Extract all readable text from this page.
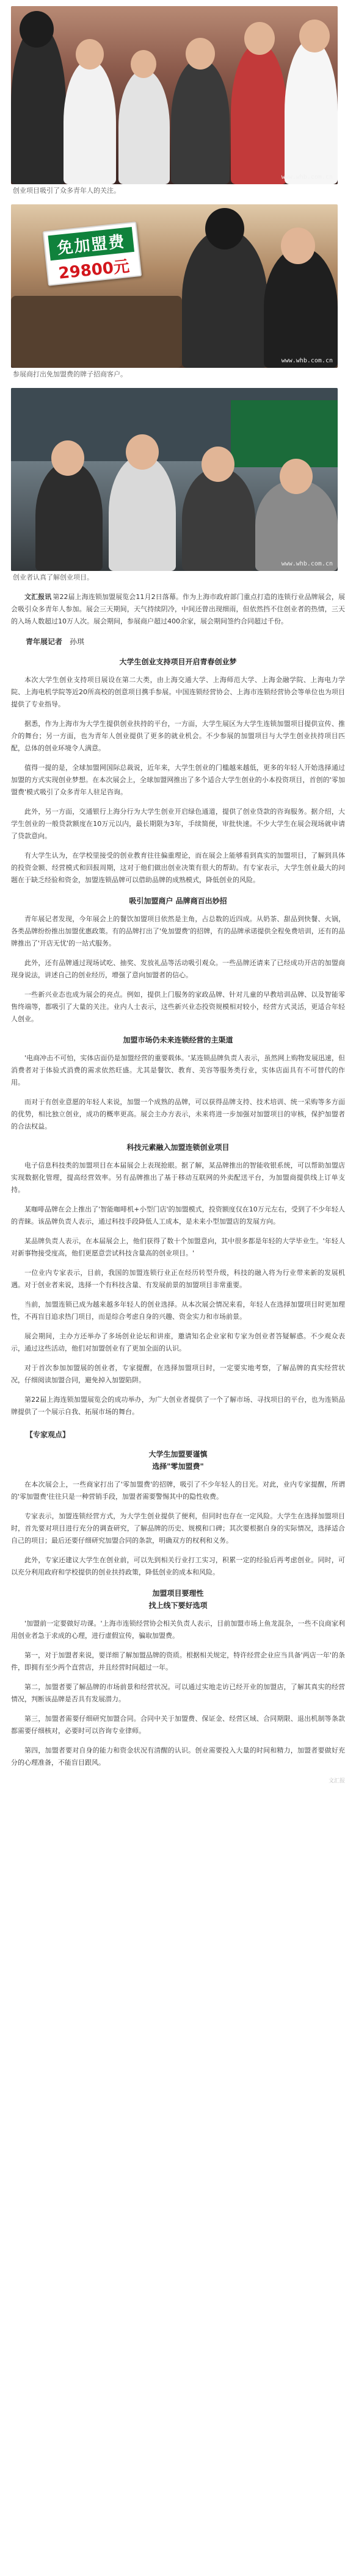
www.whb.com.cn
创业项目吸引了众多青年人的关注。
免加盟费
29800元
www.whb.com.cn
参展商打出免加盟费的牌子招商客户。
www.whb.com.cn
创业者认真了解创业项目。

文汇报讯 第22届上海连锁加盟展览会11月2日落幕。作为上海市政府部门重点打造的连锁行业品牌展会，展会吸引众多青年人参加。展会三天期间，天气持续阴冷，中间还曾出现细雨，但依然挡不住创业者的热情，三天的入场人数超过10万人次。展会期间，参展商户超过400余家，展会期间签约合同超过千份。

青年展记者 孙琪
大学生创业支持项目开启青春创业梦

本次大学生创业支持项目展设在第二大类，由上海交通大学、上海师范大学、上海金融学院、上海电力学院、上海电机学院等近20所高校的创意项目携手参展。中国连锁经营协会、上海市连锁经营协会等单位也为项目提供了专业指导。

据悉，作为上海市为大学生提供创业扶持的平台，一方面，大学生展区为大学生连锁加盟项目提供宣传、推介的舞台；另一方面，也为青年人创业提供了更多的就业机会。不少参展的加盟项目与大学生创业扶持项目匹配，总体的创业环境令人满意。

值得一提的是，全球加盟网国际总裁说，近年来，大学生创业的门槛越来越低，更多的年轻人开始选择通过加盟的方式实现创业梦想。在本次展会上，全球加盟网推出了多个适合大学生创业的小本投资项目，首创的'零加盟费'模式吸引了众多青年人驻足咨询。

此外，另一方面，交通银行上海分行为大学生创业开启绿色通道，提供了创业贷款的咨询服务。据介绍，大学生创业的一般贷款额度在10万元以内，最长期限为3年，手续简便，审批快速。不少大学生在展会现场就申请了贷款意向。

有大学生认为，在学校里接受的创业教育往往偏重理论，而在展会上能够看到真实的加盟项目，了解到具体的投资金额、经营模式和回报周期，这对于他们做出创业决策有很大的帮助。有专家表示，大学生创业最大的问题在于缺乏经验和资金，加盟连锁品牌可以借助品牌的成熟模式，降低创业的风险。

吸引加盟商户 品牌商百出妙招

青年展记者发现，今年展会上的餐饮加盟项目依然是主角，占总数的近四成。从奶茶、甜品到快餐、火锅，各类品牌纷纷推出加盟优惠政策。有的品牌打出了'免加盟费'的招牌，有的品牌承诺提供全程免费培训，还有的品牌推出了'开店无忧'的一站式服务。

此外，还有品牌通过现场试吃、抽奖、发放礼品等活动吸引观众。一些品牌还请来了已经成功开店的加盟商现身说法，讲述自己的创业经历，增强了意向加盟者的信心。

一些新兴业态也成为展会的亮点。例如，提供上门服务的家政品牌、针对儿童的早教培训品牌、以及智能零售终端等，都吸引了大量的关注。业内人士表示，这些新兴业态投资规模相对较小，经营方式灵活，更适合年轻人创业。

加盟市场仍未来连锁经营的主渠道

'电商冲击不可怕，实体店面仍是加盟经营的重要载体。'某连锁品牌负责人表示，虽然网上购物发展迅速，但消费者对于体验式消费的需求依然旺盛。尤其是餐饮、教育、美容等服务类行业，实体店面具有不可替代的作用。

而对于有创业意愿的年轻人来说，加盟一个成熟的品牌，可以获得品牌支持、技术培训、统一采购等多方面的优势，相比独立创业，成功的概率更高。展会主办方表示，未来将进一步加强对加盟项目的审核，保护加盟者的合法权益。

科技元素融入加盟连锁创业项目

电子信息科技类的加盟项目在本届展会上表现抢眼。据了解，某品牌推出的智能收银系统，可以帮助加盟店实现数据化管理，提高经营效率。另有品牌推出了基于移动互联网的外卖配送平台，为加盟商提供线上订单支持。

某咖啡品牌在会上推出了'智能咖啡机+小型门店'的加盟模式，投资额度仅在10万元左右，受到了不少年轻人的青睐。该品牌负责人表示，通过科技手段降低人工成本，是未来小型加盟店的发展方向。

某品牌负责人表示，在本届展会上，他们获得了数十个加盟意向，其中很多都是年轻的大学毕业生。'年轻人对新事物接受度高，他们更愿意尝试科技含量高的创业项目。'

一位业内专家表示，目前，我国的加盟连锁行业正在经历转型升级，科技的融入将为行业带来新的发展机遇。对于创业者来说，选择一个有科技含量、有发展前景的加盟项目非常重要。

当前，加盟连锁已成为越来越多年轻人的创业选择。从本次展会情况来看，年轻人在选择加盟项目时更加理性，不再盲目追求热门项目，而是综合考虑自身的兴趣、资金实力和市场前景。

展会期间，主办方还举办了多场创业论坛和讲座，邀请知名企业家和专家为创业者答疑解惑。不少观众表示，通过这些活动，他们对加盟创业有了更加全面的认识。

对于首次参加加盟展的创业者，专家提醒，在选择加盟项目时，一定要实地考察，了解品牌的真实经营状况，仔细阅读加盟合同，避免掉入加盟陷阱。

第22届上海连锁加盟展览会的成功举办，为广大创业者提供了一个了解市场、寻找项目的平台，也为连锁品牌提供了一个展示自我、拓展市场的舞台。

【专家观点】
大学生加盟要谨慎
选择"零加盟费"

在本次展会上，一些商家打出了'零加盟费'的招牌，吸引了不少年轻人的目光。对此，业内专家提醒，所谓的'零加盟费'往往只是一种营销手段，加盟者需要警惕其中的隐性收费。

专家表示，加盟连锁经营方式，为大学生创业提供了便利，但同时也存在一定风险。大学生在选择加盟项目时，首先要对项目进行充分的调查研究，了解品牌的历史、规模和口碑；其次要根据自身的实际情况，选择适合自己的项目；最后还要仔细研究加盟合同的条款，明确双方的权利和义务。

此外，专家还建议大学生在创业前，可以先到相关行业打工实习，积累一定的经验后再考虑创业。同时，可以充分利用政府和学校提供的创业扶持政策，降低创业的成本和风险。

加盟项目要理性
找上线下要好选项

'加盟前一定要做好功课。'上海市连锁经营协会相关负责人表示，目前加盟市场上鱼龙混杂，一些不良商家利用创业者急于求成的心理，进行虚假宣传，骗取加盟费。

第一，对于加盟者来说，要详细了解加盟品牌的资质。根据相关规定，特许经营企业应当具备'两店一年'的条件，即拥有至少两个直营店，并且经营时间超过一年。

第二，加盟者要了解品牌的市场前景和经营状况。可以通过实地走访已经开业的加盟店，了解其真实的经营情况，判断该品牌是否具有发展潜力。

第三，加盟者需要仔细研究加盟合同。合同中关于加盟费、保证金、经营区域、合同期限、退出机制等条款都需要仔细核对，必要时可以咨询专业律师。

第四，加盟者要对自身的能力和资金状况有清醒的认识。创业需要投入大量的时间和精力，加盟者要做好充分的心理准备，不能盲目跟风。

文汇报
